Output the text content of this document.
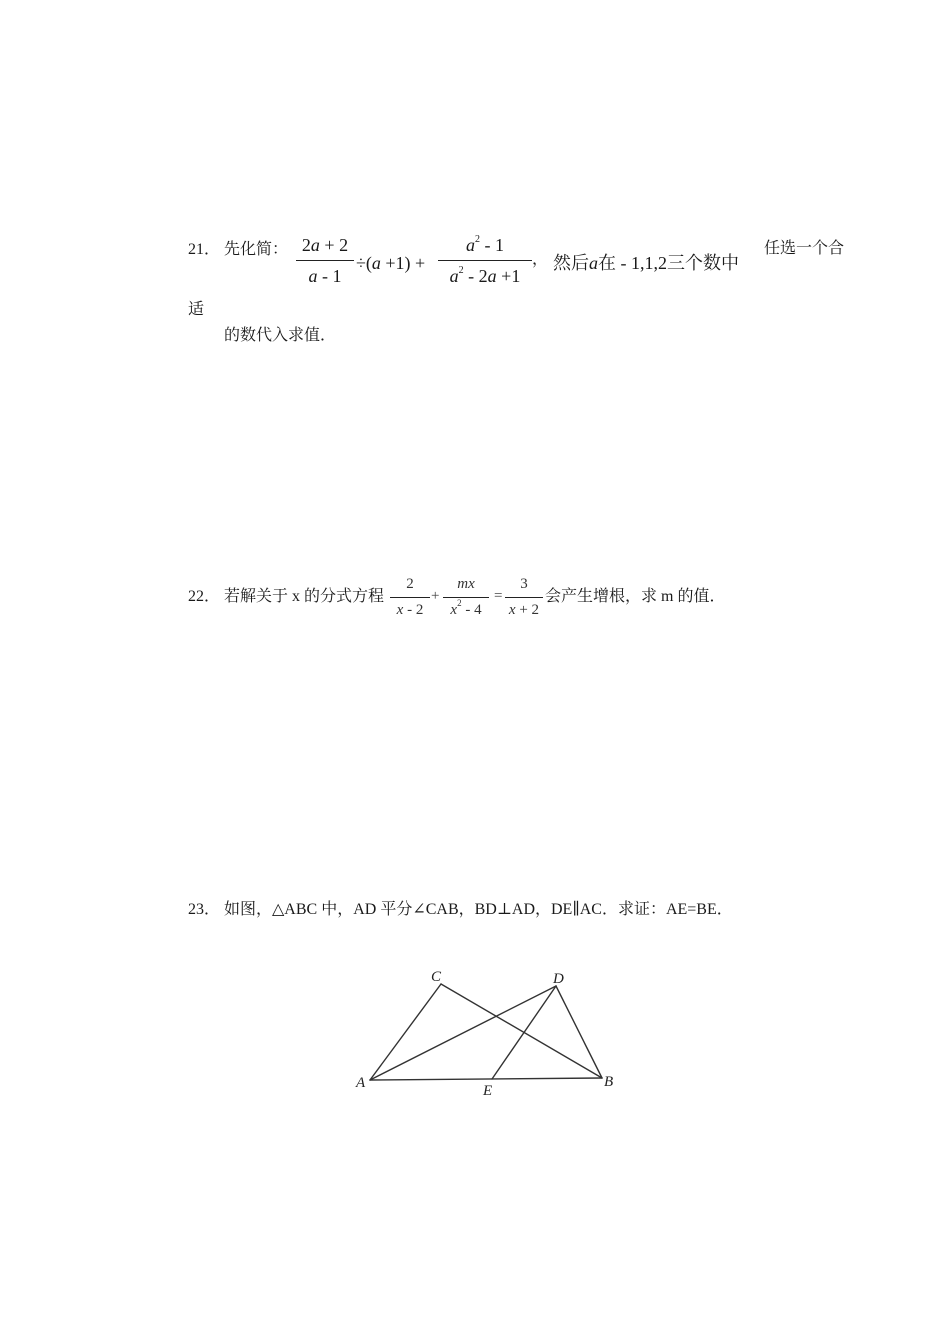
21． 先化简： 2a + 2
a - 1
÷(a +1) +
$a^2 - 1$
$a^2 - 2a +1$
， 然后a在 - 1,1,2三个数中
任选一个合
适
的数代入求值．
22． 若解关于 x 的分式方程
2
x - 2
+
mx
$x^2 - 4$
=
3
x + 2
会产生增根，求 m 的值．
23． 如图，△ABC 中，AD 平分∠CAB，BD⊥AD，DE∥AC．求证：AE=BE．
C	D
A	B
E
